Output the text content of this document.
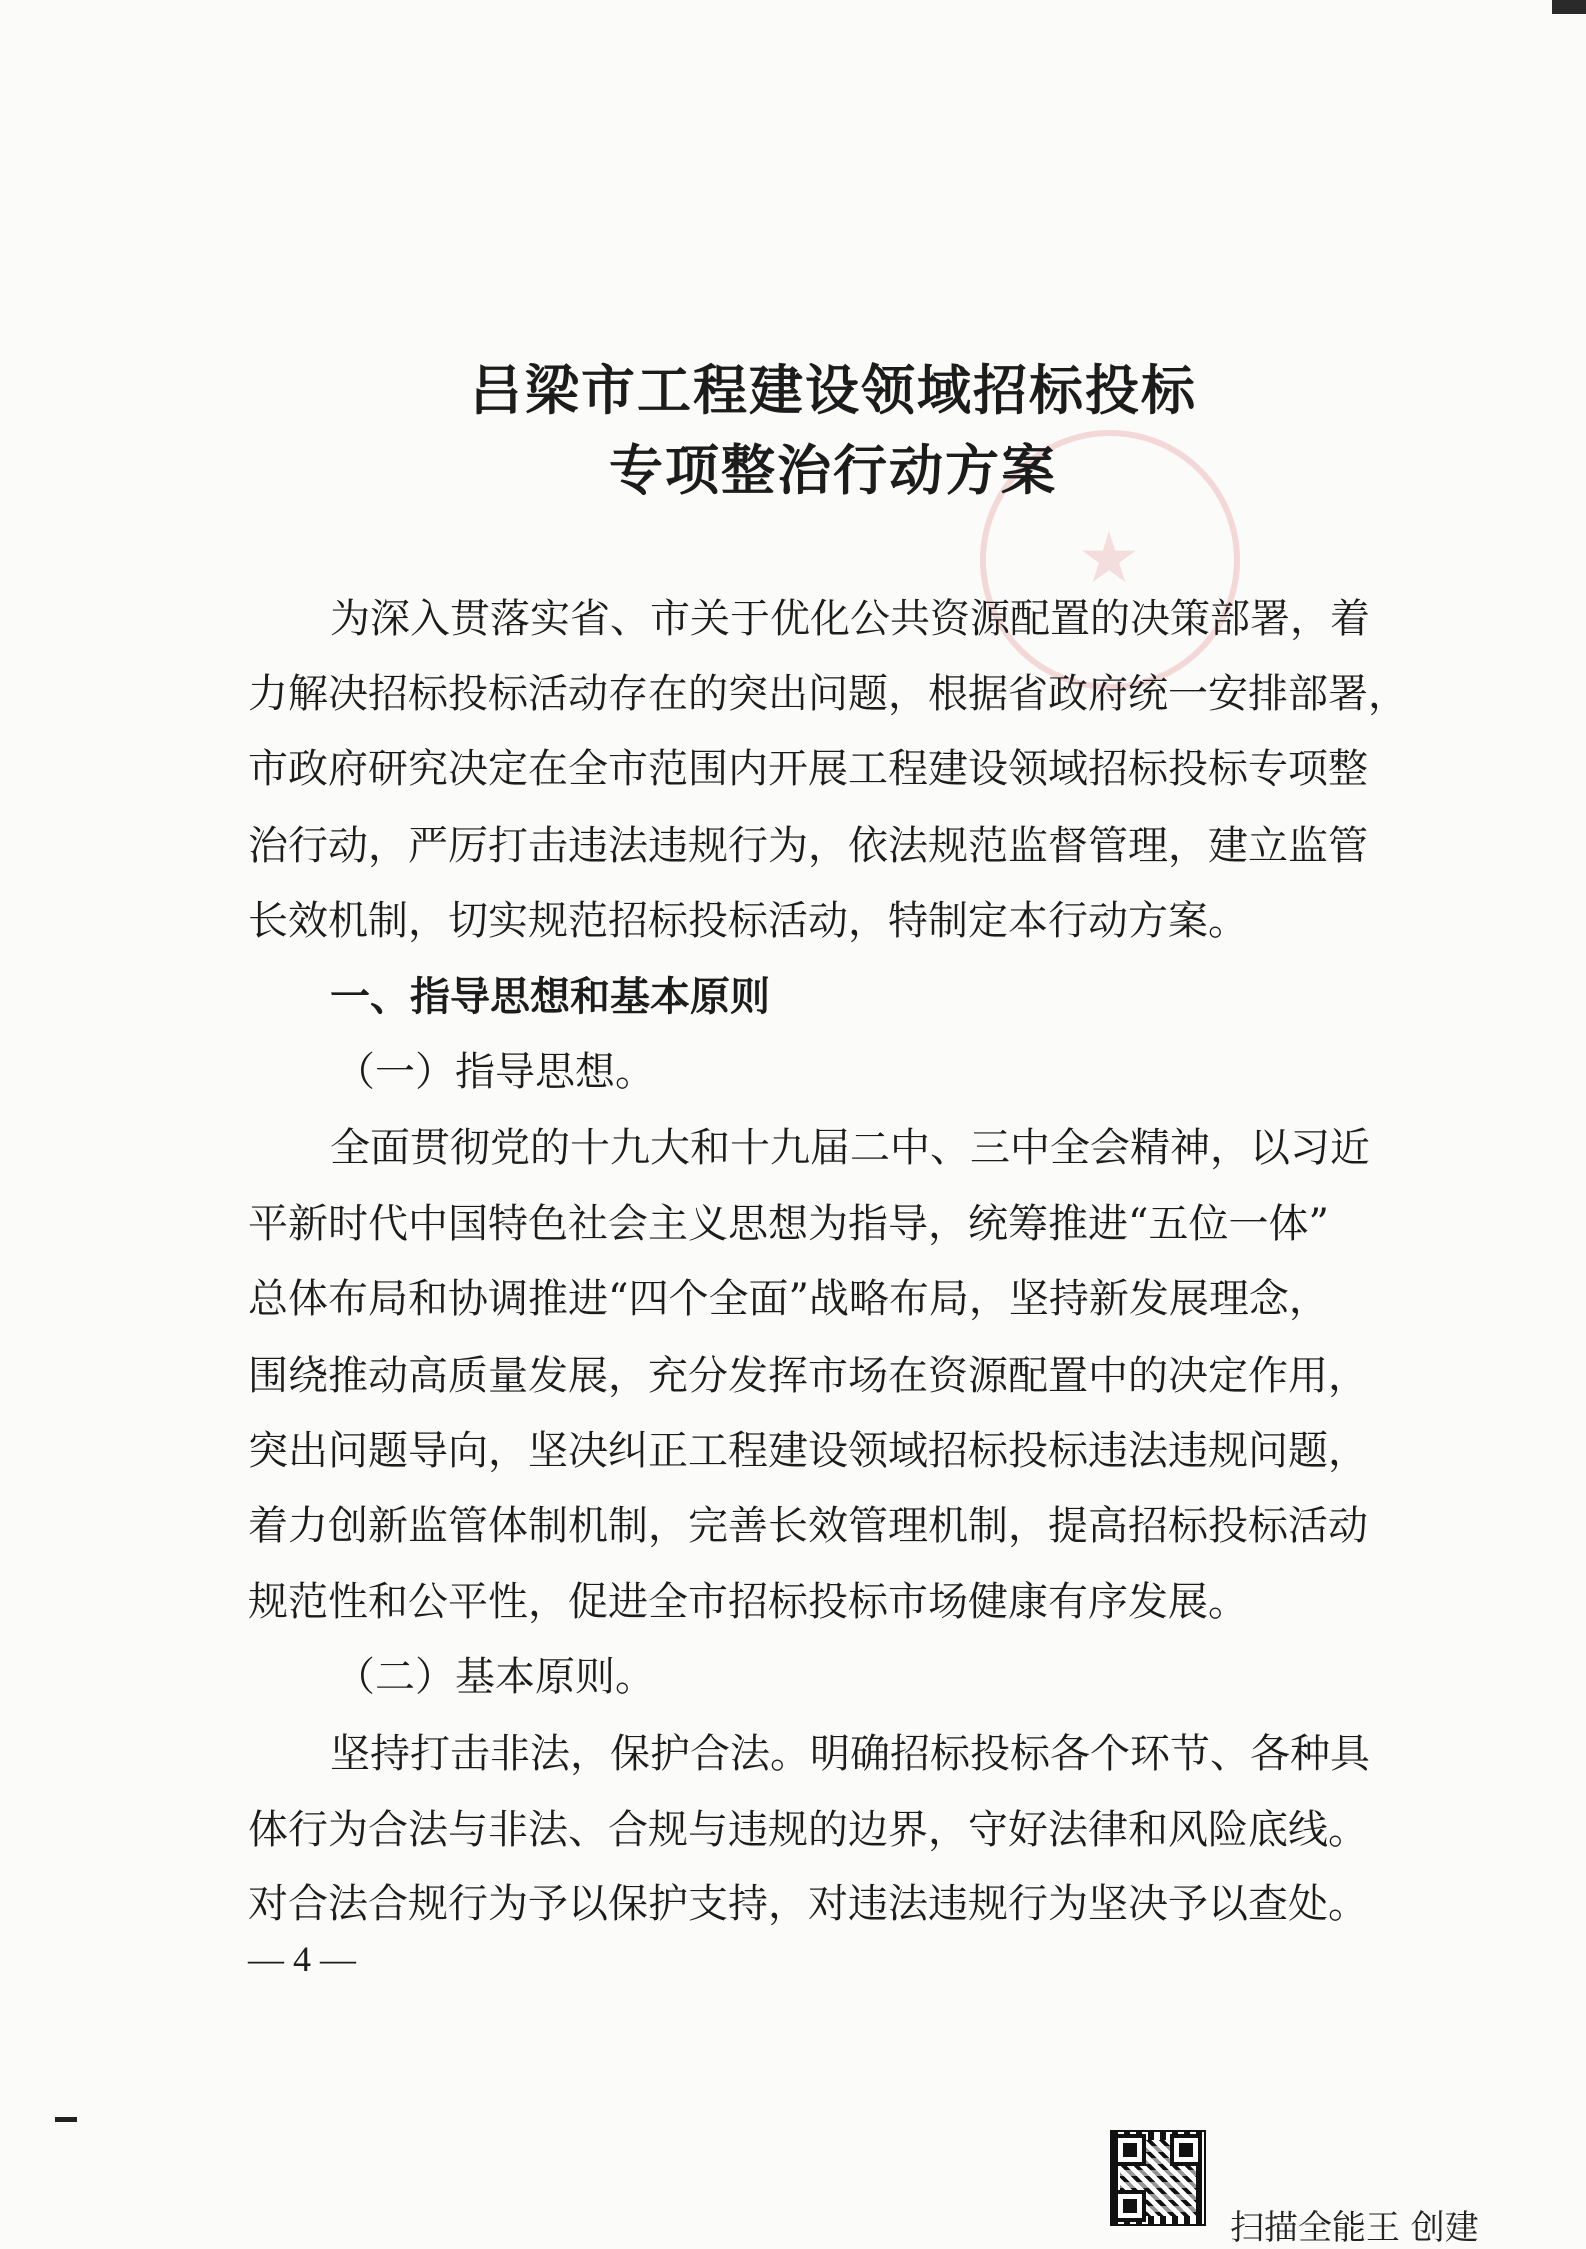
吕梁市工程建设领域招标投标
专项整治行动方案

为深入贯落实省、市关于优化公共资源配置的决策部署，着

力解决招标投标活动存在的突出问题，根据省政府统一安排部署，

市政府研究决定在全市范围内开展工程建设领域招标投标专项整

治行动，严厉打击违法违规行为，依法规范监督管理，建立监管

长效机制，切实规范招标投标活动，特制定本行动方案。

一、指导思想和基本原则

（一）指导思想。

全面贯彻党的十九大和十九届二中、三中全会精神，以习近

平新时代中国特色社会主义思想为指导，统筹推进“五位一体”

总体布局和协调推进“四个全面”战略布局，坚持新发展理念，

围绕推动高质量发展，充分发挥市场在资源配置中的决定作用，

突出问题导向，坚决纠正工程建设领域招标投标违法违规问题，

着力创新监管体制机制，完善长效管理机制，提高招标投标活动

规范性和公平性，促进全市招标投标市场健康有序发展。

（二）基本原则。

坚持打击非法，保护合法。明确招标投标各个环节、各种具

体行为合法与非法、合规与违规的边界，守好法律和风险底线。

对合法合规行为予以保护支持，对违法违规行为坚决予以查处。

— 4 —

扫描全能王 创建
